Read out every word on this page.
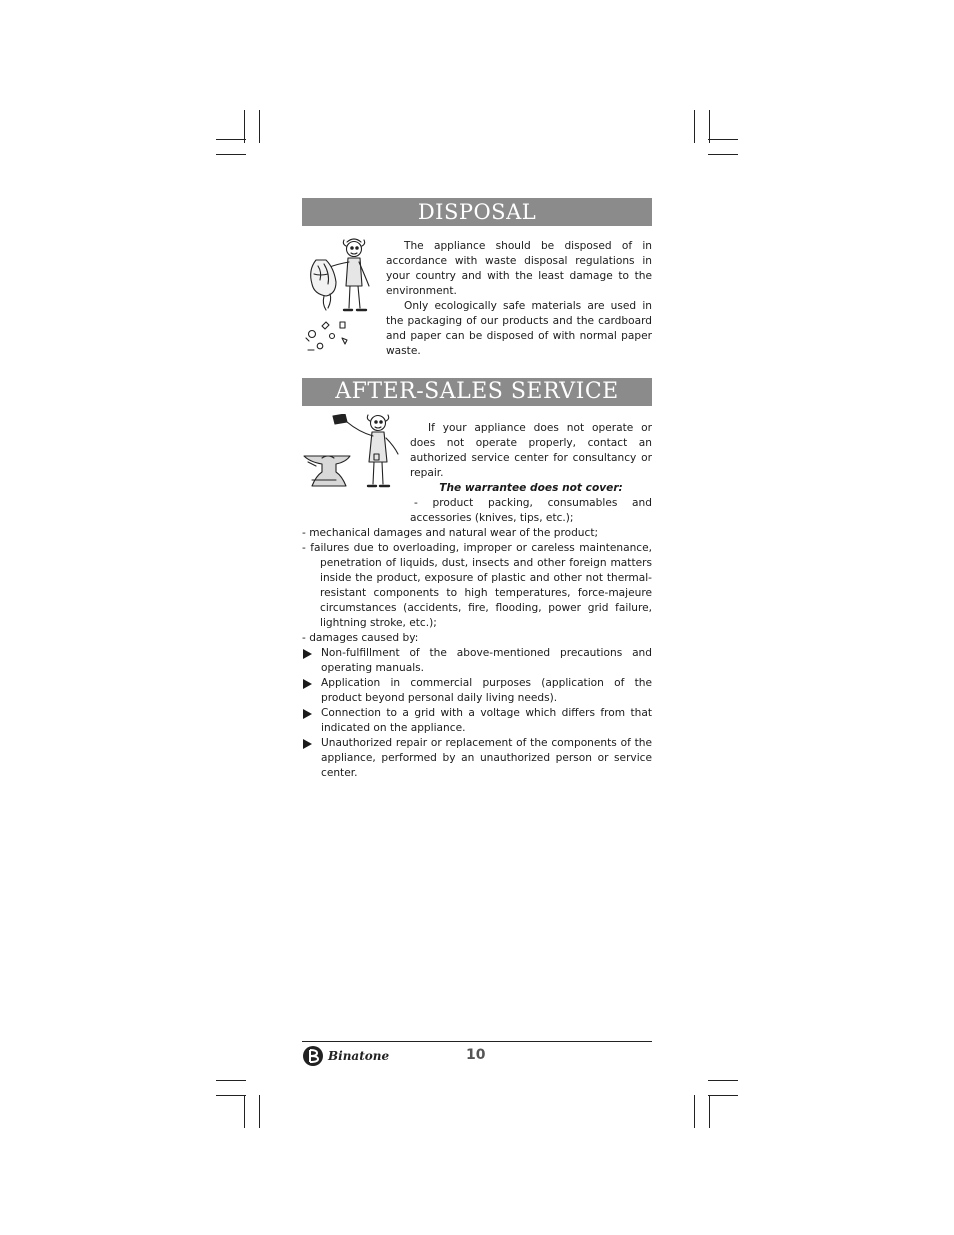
DISPOSAL

The appliance should be disposed of in accordance with waste disposal regulations in your country and with the least damage to the environment.

Only ecologically safe materials are used in the packaging of our products and the cardboard and paper can be disposed of with normal paper waste.

AFTER-SALES SERVICE

If your appliance does not operate or does not operate properly, contact an authorized service center for consultancy or repair.

The warrantee does not cover:

- product packing, consumables and accessories (knives, tips, etc.);

- mechanical damages and natural wear of the product;

- failures due to overloading, improper or careless maintenance, penetration of liquids, dust, insects and other foreign matters inside the product, exposure of plastic and other not thermal-resistant components to high temperatures, force-majeure circumstances (accidents, fire, flooding, power grid failure, lightning stroke, etc.);

- damages caused by:

Non-fulfillment of the above-mentioned precautions and operating manuals.
Application in commercial purposes (application of the product beyond personal daily living needs).
Connection to a grid with a voltage which differs from that indicated on the appliance.
Unauthorized repair or replacement of the components of the appliance, performed by an unauthorized person or service center.
Binatone	10
